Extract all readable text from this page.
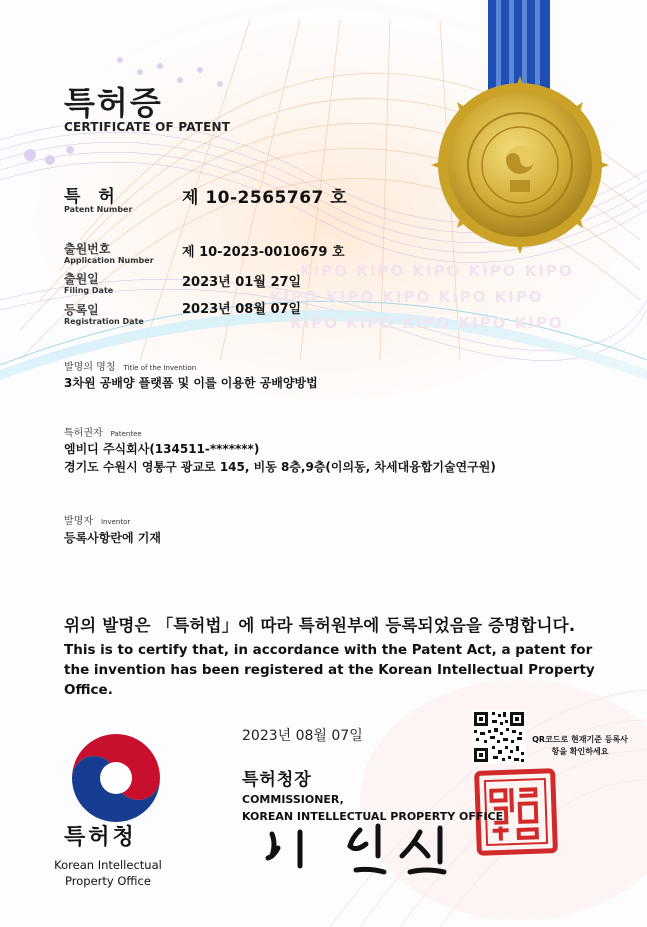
KIPO KIPO KIPO KIPO KIPO
KIPO KIPO KIPO KIPO KIPO
KIPO KIPO KIPO KIPO KIPO
특허증
CERTIFICATE OF PATENT
특 허
Patent Number
제 10-2565767 호
출원번호
Application Number
제 10-2023-0010679 호
출원일
Filing Date
2023년 01월 27일
등록일
Registration Date
2023년 08월 07일
발명의 명칭 Title of the Invention
3차원 공배양 플랫폼 및 이를 이용한 공배양방법
특허권자 Patentee
엠비디 주식회사(134511-*******)
경기도 수원시 영통구 광교로 145, 비동 8층,9층(이의동, 차세대융합기술연구원)
발명자 Inventor
등록사항란에 기재
위의 발명은 「특허법」에 따라 특허원부에 등록되었음을 증명합니다.
This is to certify that, in accordance with the Patent Act, a patent for the invention has been registered at the Korean Intellectual Property Office.
2023년 08월 07일	QR코드로 현재기준 등록사항을 확인하세요
특허청장
COMMISSIONER,
KOREAN INTELLECTUAL PROPERTY OFFICE
특허청
Korean Intellectual Property Office
